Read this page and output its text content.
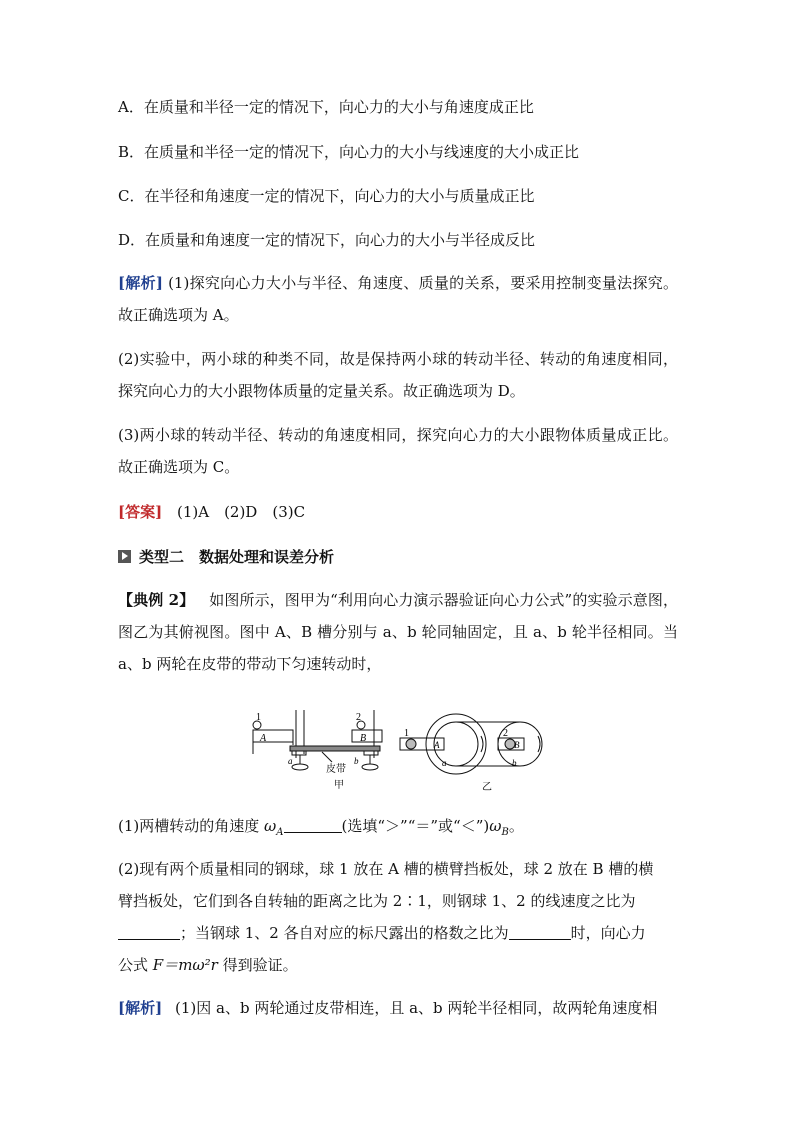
A．在质量和半径一定的情况下，向心力的大小与角速度成正比
B．在质量和半径一定的情况下，向心力的大小与线速度的大小成正比
C．在半径和角速度一定的情况下，向心力的大小与质量成正比
D．在质量和角速度一定的情况下，向心力的大小与半径成反比
[解析] (1)探究向心力大小与半径、角速度、质量的关系，要采用控制变量法探究。故正确选项为 A。
(2)实验中，两小球的种类不同，故是保持两小球的转动半径、转动的角速度相同，探究向心力的大小跟物体质量的定量关系。故正确选项为 D。
(3)两小球的转动半径、转动的角速度相同，探究向心力的大小跟物体质量成正比。故正确选项为 C。
[答案] (1)A　(2)D　(3)C
类型二　数据处理和误差分析
【典例 2】 如图所示，图甲为“利用向心力演示器验证向心力公式”的实验示意图，图乙为其俯视图。图中 A、B 槽分别与 a、b 轮同轴固定，且 a、b 轮半径相同。当 a、b 两轮在皮带的带动下匀速转动时，
1
A
2
B
a	b
皮带
甲
1
A
2
B
a	b
乙
(1)两槽转动的角速度 $\omega_A$	(选填“＞”“＝”或“$<”)\omega_B$。
(2)现有两个质量相同的钢球，球 1 放在 A 槽的横臂挡板处，球 2 放在 B 槽的横
臂挡板处，它们到各自转轴的距离之比为 2∶1，则钢球 1、2 的线速度之比为
；当钢球 1、2 各自对应的标尺露出的格数之比为	时，向心力
公式 F＝mω²r 得到验证。
[解析] (1)因 a、b 两轮通过皮带相连，且 a、b 两轮半径相同，故两轮角速度相
